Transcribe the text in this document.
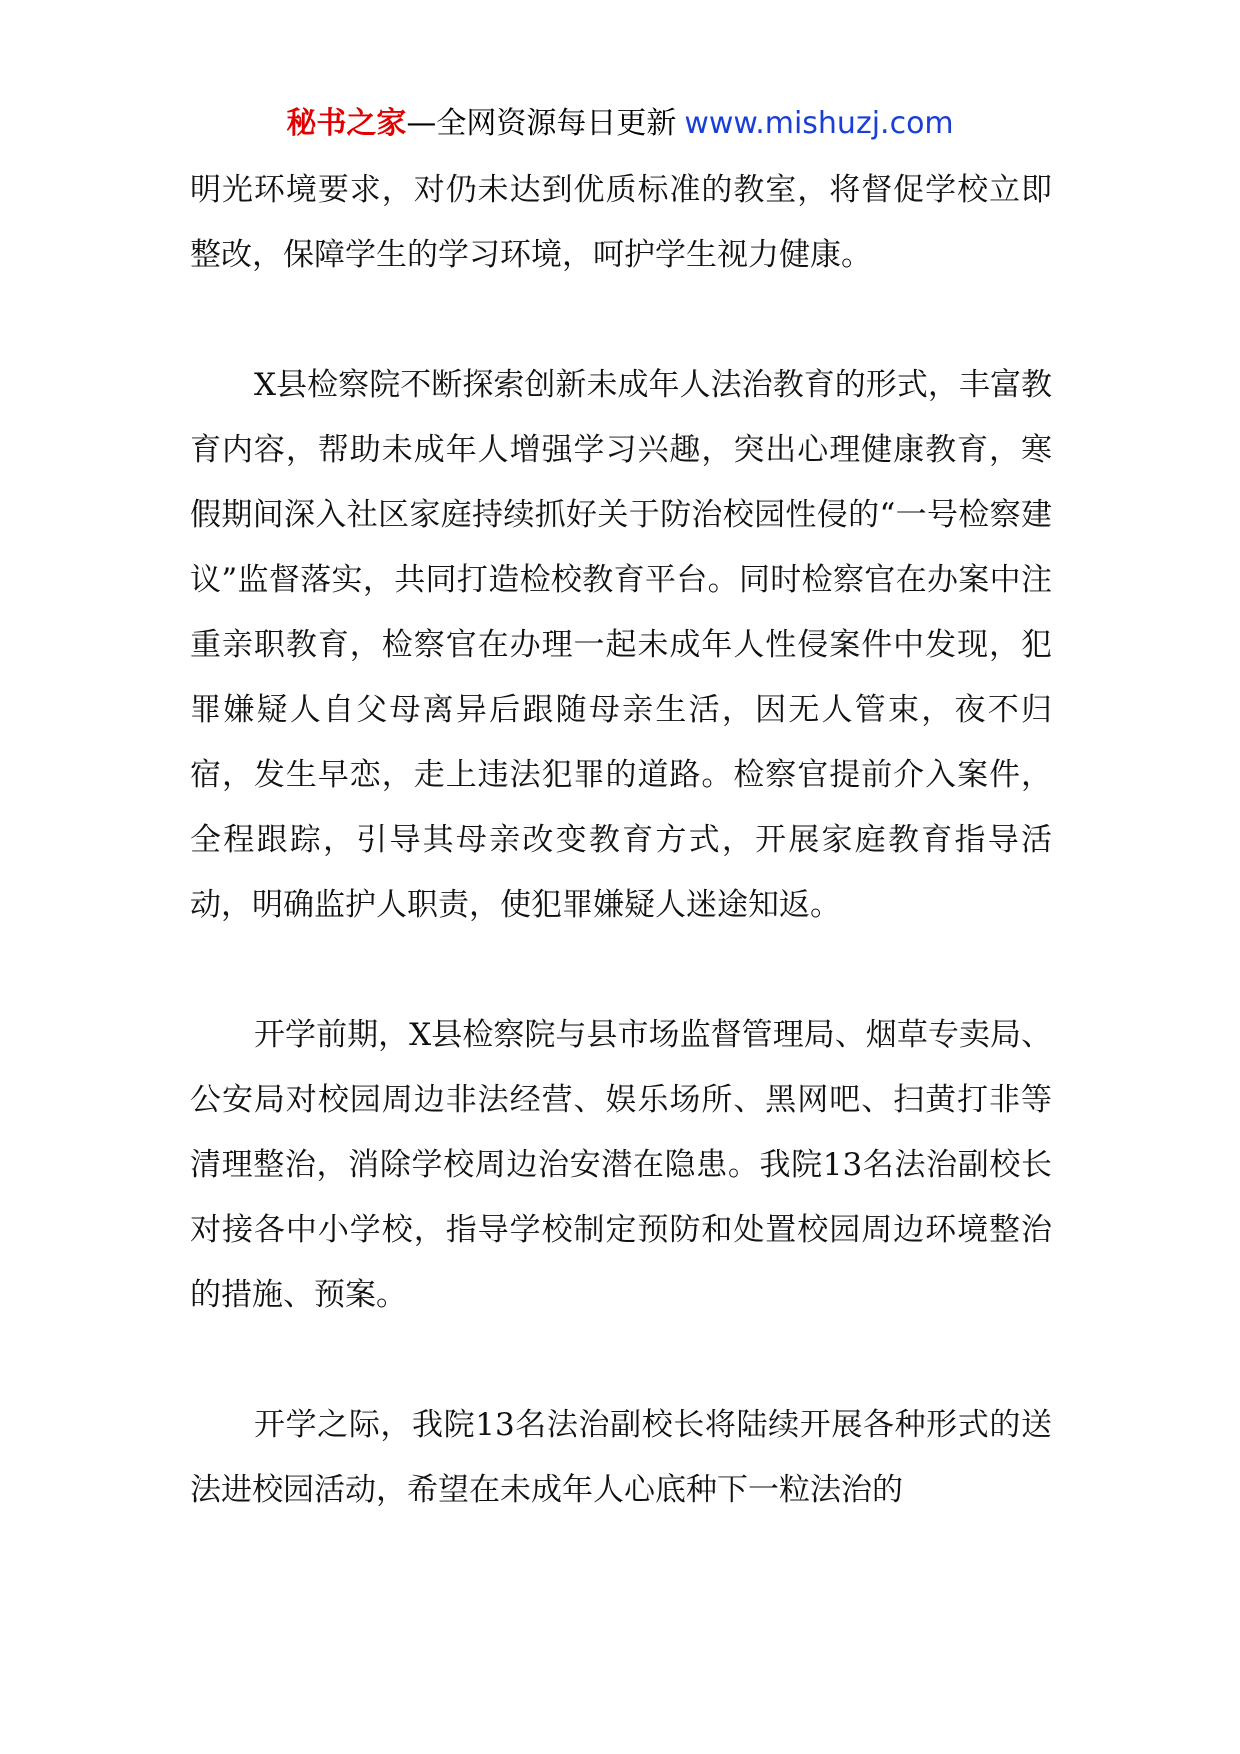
秘书之家—全网资源每日更新 www.mishuzj.com

明光环境要求，对仍未达到优质标准的教室，将督促学校立即整改，保障学生的学习环境，呵护学生视力健康。

X县检察院不断探索创新未成年人法治教育的形式，丰富教育内容，帮助未成年人增强学习兴趣，突出心理健康教育，寒假期间深入社区家庭持续抓好关于防治校园性侵的“一号检察建议”监督落实，共同打造检校教育平台。同时检察官在办案中注重亲职教育，检察官在办理一起未成年人性侵案件中发现，犯罪嫌疑人自父母离异后跟随母亲生活，因无人管束，夜不归宿，发生早恋，走上违法犯罪的道路。检察官提前介入案件，全程跟踪，引导其母亲改变教育方式，开展家庭教育指导活动，明确监护人职责，使犯罪嫌疑人迷途知返。

开学前期，X县检察院与县市场监督管理局、烟草专卖局、公安局对校园周边非法经营、娱乐场所、黑网吧、扫黄打非等清理整治，消除学校周边治安潜在隐患。我院13名法治副校长对接各中小学校，指导学校制定预防和处置校园周边环境整治的措施、预案。

开学之际，我院13名法治副校长将陆续开展各种形式的送法进校园活动，希望在未成年人心底种下一粒法治的
